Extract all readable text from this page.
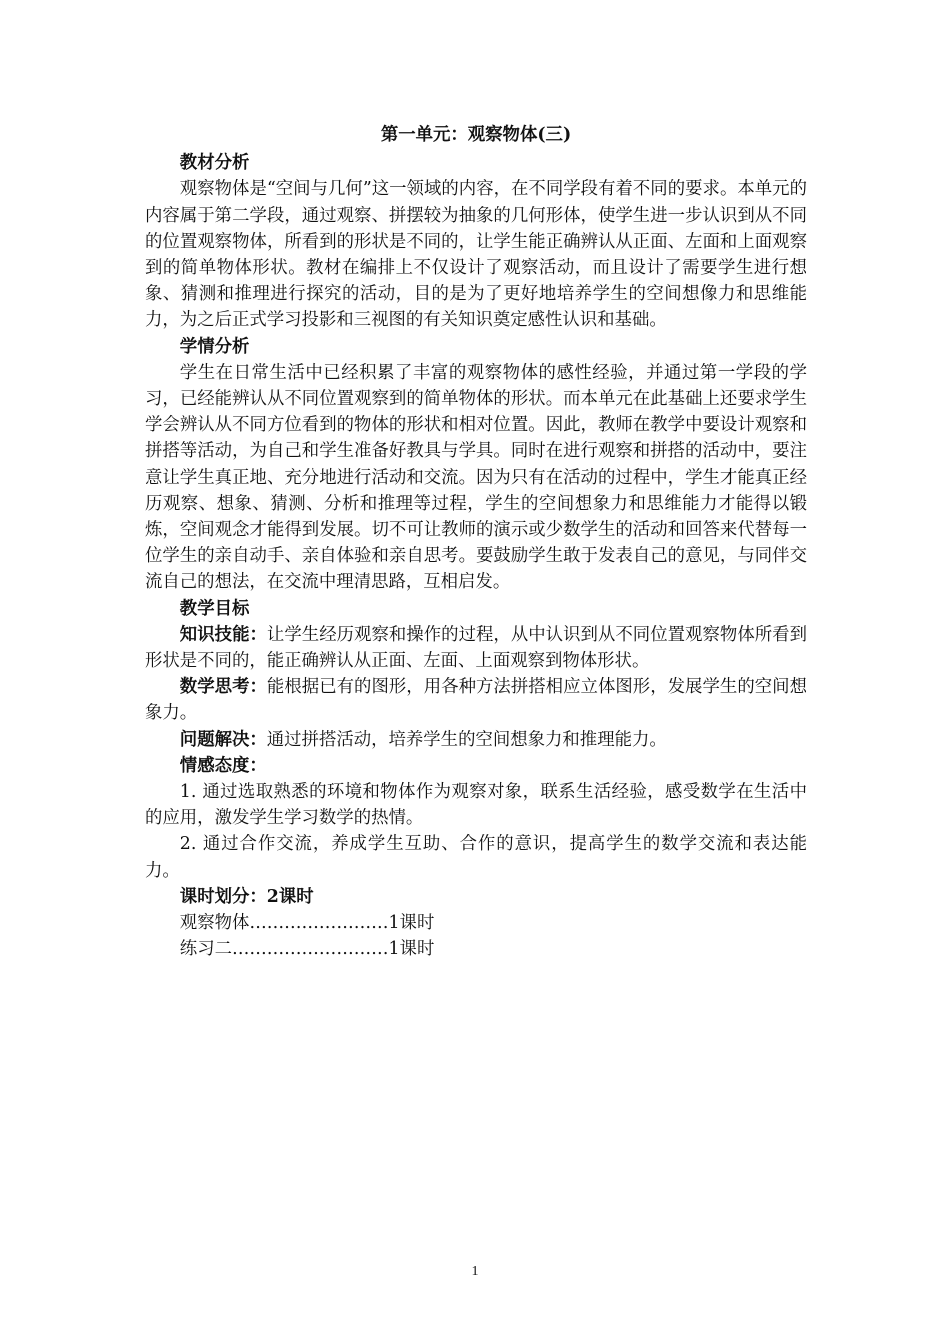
第一单元：观察物体(三)

教材分析

观察物体是“空间与几何”这一领域的内容，在不同学段有着不同的要求。本单元的内容属于第二学段，通过观察、拼摆较为抽象的几何形体，使学生进一步认识到从不同的位置观察物体，所看到的形状是不同的，让学生能正确辨认从正面、左面和上面观察到的简单物体形状。教材在编排上不仅设计了观察活动，而且设计了需要学生进行想象、猜测和推理进行探究的活动，目的是为了更好地培养学生的空间想像力和思维能力，为之后正式学习投影和三视图的有关知识奠定感性认识和基础。

学情分析

学生在日常生活中已经积累了丰富的观察物体的感性经验，并通过第一学段的学习，已经能辨认从不同位置观察到的简单物体的形状。而本单元在此基础上还要求学生学会辨认从不同方位看到的物体的形状和相对位置。因此，教师在教学中要设计观察和拼搭等活动，为自己和学生准备好教具与学具。同时在进行观察和拼搭的活动中，要注意让学生真正地、充分地进行活动和交流。因为只有在活动的过程中，学生才能真正经历观察、想象、猜测、分析和推理等过程，学生的空间想象力和思维能力才能得以锻炼，空间观念才能得到发展。切不可让教师的演示或少数学生的活动和回答来代替每一位学生的亲自动手、亲自体验和亲自思考。要鼓励学生敢于发表自己的意见，与同伴交流自己的想法，在交流中理清思路，互相启发。

教学目标

知识技能：让学生经历观察和操作的过程，从中认识到从不同位置观察物体所看到形状是不同的，能正确辨认从正面、左面、上面观察到物体形状。

数学思考：能根据已有的图形，用各种方法拼搭相应立体图形，发展学生的空间想象力。

问题解决：通过拼搭活动，培养学生的空间想象力和推理能力。

情感态度：

1. 通过选取熟悉的环境和物体作为观察对象，联系生活经验，感受数学在生活中的应用，激发学生学习数学的热情。

2. 通过合作交流，养成学生互助、合作的意识，提高学生的数学交流和表达能力。

课时划分：2课时

观察物体……………………1课时

练习二………………………1课时

1
